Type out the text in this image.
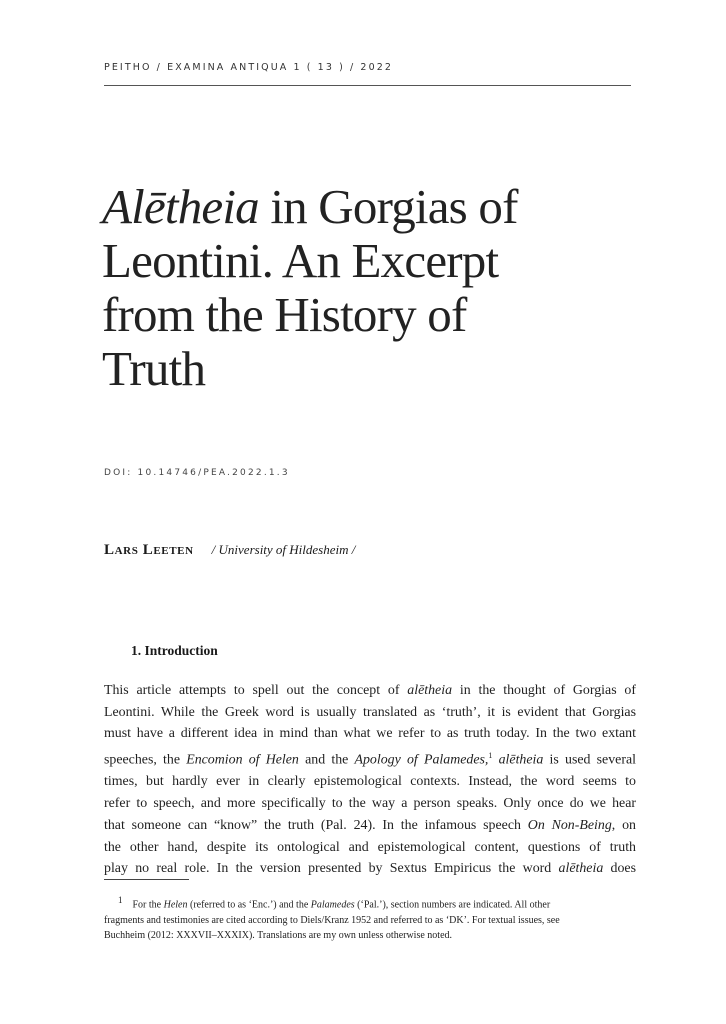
PEITHO / EXAMINA ANTIQUA 1 ( 13 ) / 2022
Alētheia in Gorgias of
Leontini. An Excerpt
from the History of
Truth
DOI: 10.14746/PEA.2022.1.3
Lars Leeten / University of Hildesheim /
1. Introduction
This article attempts to spell out the concept of alētheia in the thought of Gorgias of
Leontini. While the Greek word is usually translated as ‘truth’, it is evident that Gorgias
must have a different idea in mind than what we refer to as truth today. In the two extant
speeches, the Encomion of Helen and the Apology of Palamedes,$^1$ alētheia is used several
times, but hardly ever in clearly epistemological contexts. Instead, the word seems to
refer to speech, and more specifically to the way a person speaks. Only once do we hear
that someone can “know” the truth (Pal. 24). In the infamous speech On Non-Being, on
the other hand, despite its ontological and epistemological content, questions of truth
play no real role. In the version presented by Sextus Empiricus the word alētheia does
$^1$ For the Helen (referred to as ‘Enc.’) and the Palamedes (‘Pal.’), section numbers are indicated. All other
fragments and testimonies are cited according to Diels/Kranz 1952 and referred to as ‘DK’. For textual issues, see
Buchheim (2012: XXXVII–XXXIX). Translations are my own unless otherwise noted.
